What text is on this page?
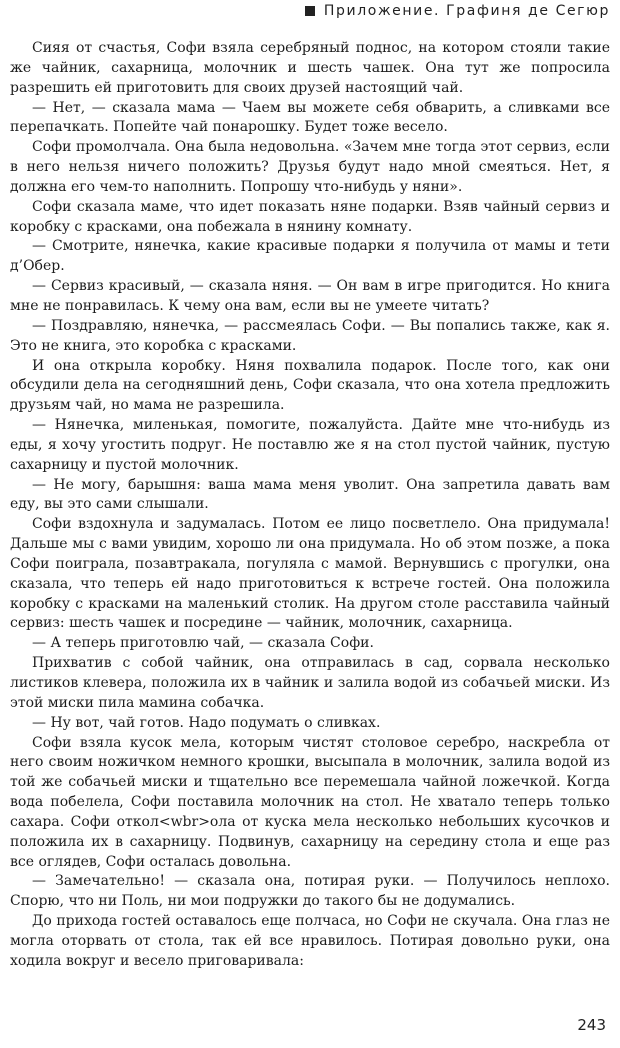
Приложение. Графиня де Сегюр

Сияя от счастья, Софи взяла серебряный поднос, на котором стояли такие же чайник, сахарница, молочник и шесть чашек. Она тут же попросила разрешить ей приготовить для своих друзей настоящий чай.

— Нет, — сказала мама — Чаем вы можете себя обварить, а сливками все перепачкать. Попейте чай понарошку. Будет тоже весело.

Софи промолчала. Она была недовольна. «Зачем мне тогда этот сервиз, если в него нельзя ничего положить? Друзья будут надо мной смеяться. Нет, я должна его чем-то наполнить. Попрошу что-нибудь у няни».

Софи сказала маме, что идет показать няне подарки. Взяв чайный сервиз и коробку с красками, она побежала в нянину комнату.

— Смотрите, нянечка, какие красивые подарки я получила от мамы и тети д’Обер.

— Сервиз красивый, — сказала няня. — Он вам в игре пригодится. Но книга мне не понравилась. К чему она вам, если вы не умеете читать?

— Поздравляю, нянечка, — рассмеялась Софи. — Вы попались также, как я. Это не книга, это коробка с красками.

И она открыла коробку. Няня похвалила подарок. После того, как они обсудили дела на сегодняшний день, Софи сказала, что она хотела предложить друзьям чай, но мама не разрешила.

— Нянечка, миленькая, помогите, пожалуйста. Дайте мне что-нибудь из еды, я хочу угостить подруг. Не поставлю же я на стол пустой чайник, пустую сахарницу и пустой молочник.

— Не могу, барышня: ваша мама меня уволит. Она запретила давать вам еду, вы это сами слышали.

Софи вздохнула и задумалась. Потом ее лицо посветлело. Она придумала! Дальше мы с вами увидим, хорошо ли она придумала. Но об этом позже, а пока Софи поиграла, позавтракала, погуляла с мамой. Вернувшись с прогулки, она сказала, что теперь ей надо приготовиться к встрече гостей. Она положила коробку с красками на маленький столик. На другом столе расставила чайный сервиз: шесть чашек и посредине — чайник, молочник, сахарница.

— А теперь приготовлю чай, — сказала Софи.

Прихватив с собой чайник, она отправилась в сад, сорвала несколько листиков клевера, положила их в чайник и залила водой из собачьей миски. Из этой миски пила мамина собачка.

— Ну вот, чай готов. Надо подумать о сливках.

Софи взяла кусок мела, которым чистят столовое серебро, наскребла от него своим ножичком немного крошки, высыпала в молочник, залила водой из той же собачьей миски и тщательно все перемешала чайной ложечкой. Когда вода побелела, Софи поставила молочник на стол. Не хватало теперь только сахара. Софи откол<wbr>ола от куска мела несколько небольших кусочков и положила их в сахарницу. Подвинув, сахарницу на середину стола и еще раз все оглядев, Софи осталась довольна.

— Замечательно! — сказала она, потирая руки. — Получилось неплохо. Спорю, что ни Поль, ни мои подружки до такого бы не додумались.

До прихода гостей оставалось еще полчаса, но Софи не скучала. Она глаз не могла оторвать от стола, так ей все нравилось. Потирая довольно руки, она ходила вокруг и весело приговаривала:

243
